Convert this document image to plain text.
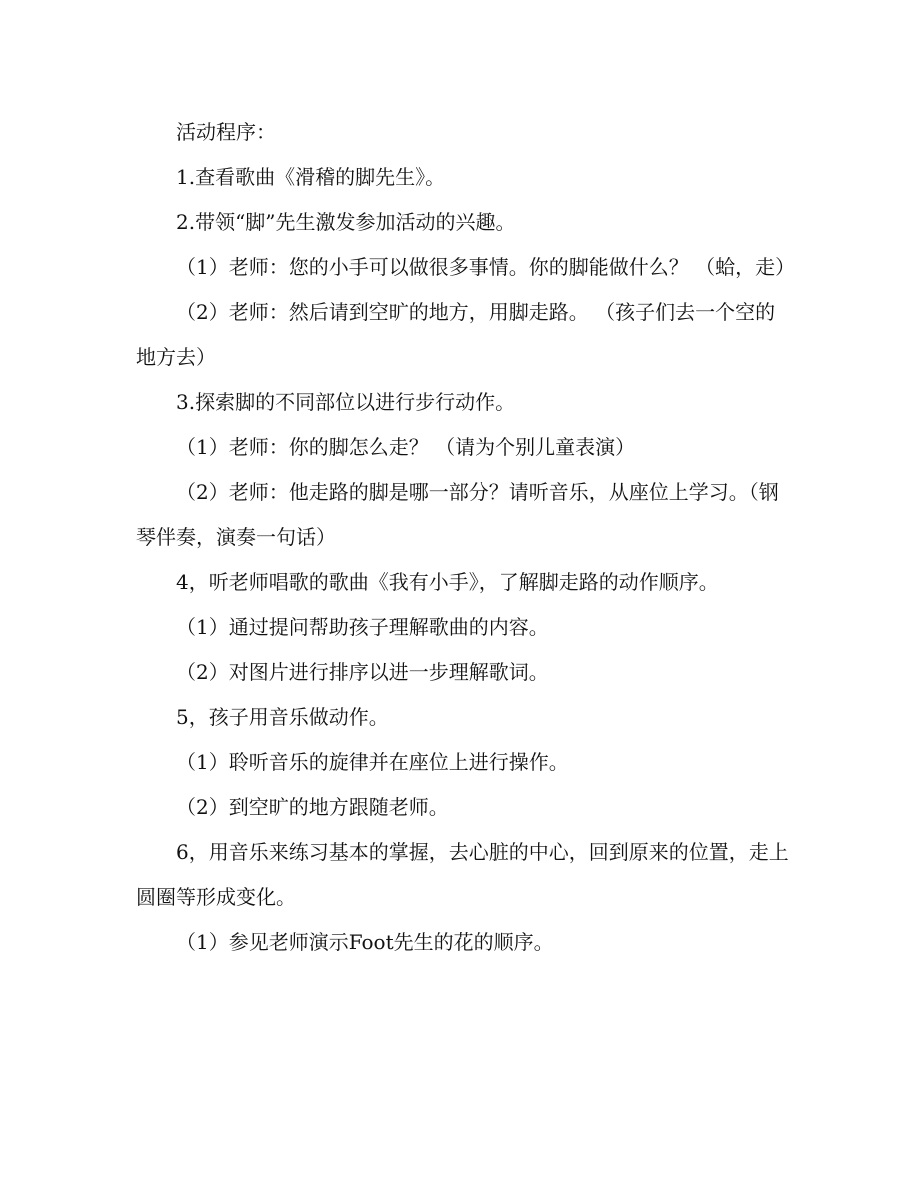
活动程序：

1.查看歌曲《滑稽的脚先生》。

2.带领“脚”先生激发参加活动的兴趣。

（1）老师：您的小手可以做很多事情。你的脚能做什么？ （蛤，走）

（2）老师：然后请到空旷的地方，用脚走路。 （孩子们去一个空的地方去）

3.探索脚的不同部位以进行步行动作。

（1）老师：你的脚怎么走？ （请为个别儿童表演）

（2）老师：他走路的脚是哪一部分？请听音乐，从座位上学习。（钢琴伴奏，演奏一句话）

4，听老师唱歌的歌曲《我有小手》，了解脚走路的动作顺序。

（1）通过提问帮助孩子理解歌曲的内容。

（2）对图片进行排序以进一步理解歌词。

5，孩子用音乐做动作。

（1）聆听音乐的旋律并在座位上进行操作。

（2）到空旷的地方跟随老师。

6，用音乐来练习基本的掌握，去心脏的中心，回到原来的位置，走上圆圈等形成变化。

（1）参见老师演示Foot先生的花的顺序。
